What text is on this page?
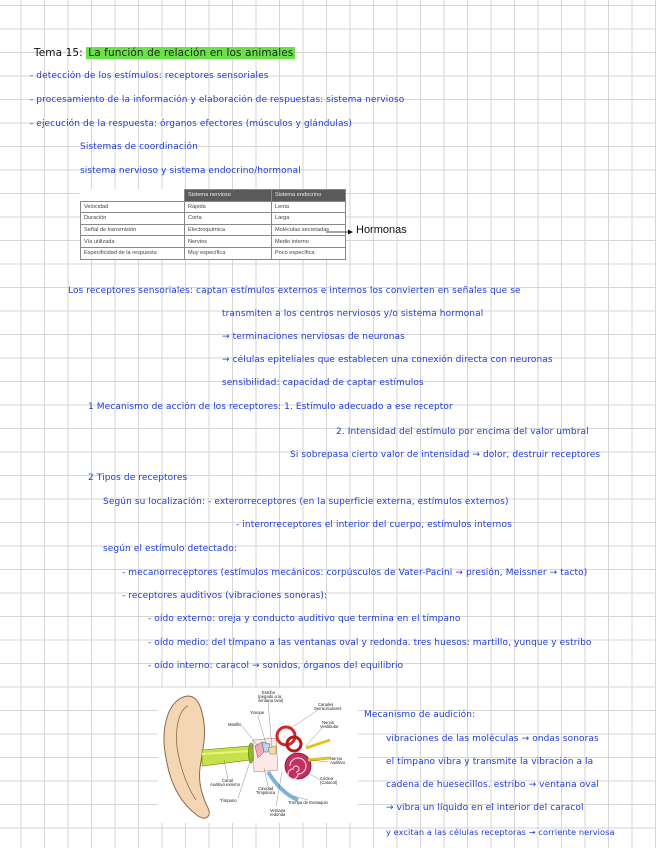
Tema 15: La función de relación en los animales
- detección de los estímulos: receptores sensoriales
- procesamiento de la información y elaboración de respuestas: sistema nervioso
- ejecución de la respuesta: órganos efectores (músculos y glándulas)
Sistemas de coordinación
sistema nervioso y sistema endocrino/hormonal
	Sistema nervioso	Sistema endocrino
Velocidad	Rápida	Lenta
Duración	Corta	Larga
Señal de transmisión	Electroquímica	Moléculas secretadas
Vía utilizada	Nervios	Medio interno
Especificidad de la respuesta	Muy específica	Poco específica
Hormonas
Los receptores sensoriales: captan estímulos externos e internos los convierten en señales que se
transmiten a los centros nerviosos y/o sistema hormonal
→ terminaciones nerviosas de neuronas
→ células epiteliales que establecen una conexión directa con neuronas
sensibilidad: capacidad de captar estímulos
1 Mecanismo de acción de los receptores: 1. Estímulo adecuado a ese receptor
2. Intensidad del estímulo por encima del valor umbral
Si sobrepasa cierto valor de intensidad → dolor, destruir receptores
2 Tipos de receptores
Según su localización: - exterorreceptores (en la superficie externa, estímulos externos)
- interorreceptores el interior del cuerpo, estímulos internos
según el estímulo detectado:
- mecanorreceptores (estímulos mecánicos: corpúsculos de Vater-Pacini → presión, Meissner → tacto)
- receptores auditivos (vibraciones sonoras):
- oído externo: oreja y conducto auditivo que termina en el tímpano
- oído medio: del tímpano a las ventanas oval y redonda. tres huesos: martillo, yunque y estribo
- oído interno: caracol → sonidos, órganos del equilibrio
Estribo
(pegado a la
ventana oval)
Yunque
Martillo
Canales
Semicirculares
Nervio
Vestibular
Nervio
Auditivo
Cóclea
(Caracol)
Canal
Auditivo externo
Cavidad
Timpánica
Tímpano	Trompa de Eustaquio
Ventana
redonda
Mecanismo de audición:
vibraciones de las moléculas → ondas sonoras
el tímpano vibra y transmite la vibración a la
cadena de huesecillos. estribo → ventana oval
→ vibra un líquido en el interior del caracol
y excitan a las células receptoras → corriente nerviosa
